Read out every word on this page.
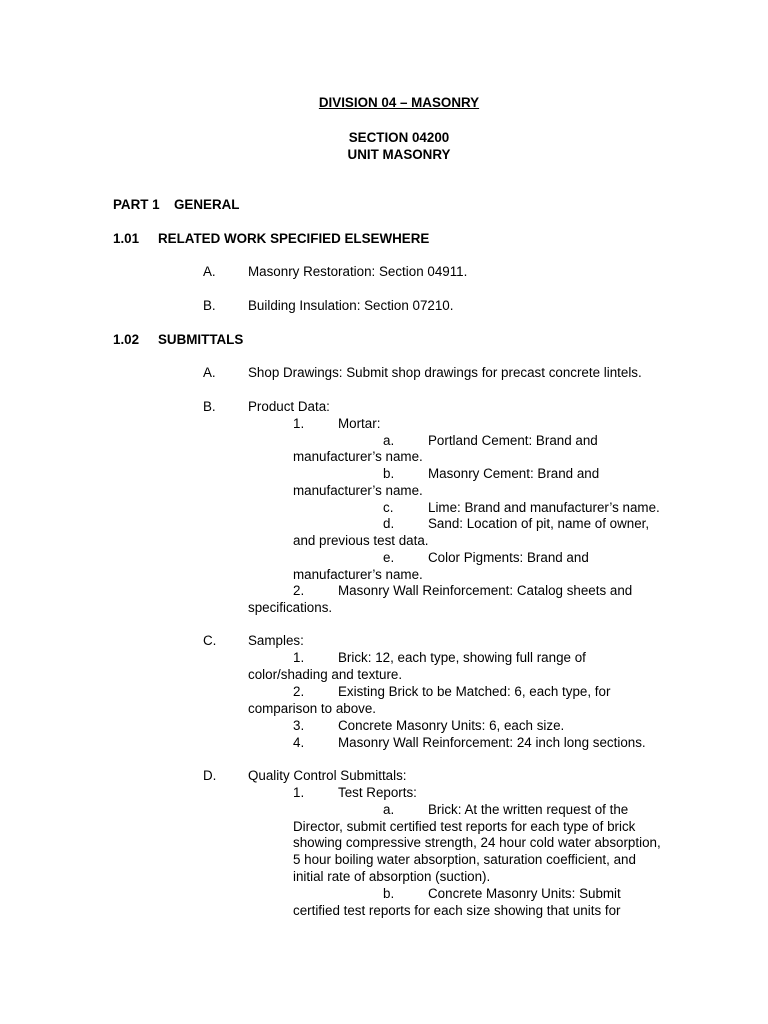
DIVISION 04 – MASONRY
SECTION 04200
UNIT MASONRY
PART 1 GENERAL
1.01 RELATED WORK SPECIFIED ELSEWHERE
A. Masonry Restoration: Section 04911.
B. Building Insulation: Section 07210.
1.02 SUBMITTALS
A. Shop Drawings: Submit shop drawings for precast concrete lintels.
B. Product Data:
1.	Mortar:
a.	Portland Cement: Brand and
manufacturer’s name.
b.	Masonry Cement: Brand and
manufacturer’s name.
c.	Lime: Brand and manufacturer’s name.
d.	Sand: Location of pit, name of owner,
and previous test data.
e.	Color Pigments: Brand and
manufacturer’s name.
2.	Masonry Wall Reinforcement: Catalog sheets and
specifications.
C. Samples:
1.	Brick: 12, each type, showing full range of
color/shading and texture.
2.	Existing Brick to be Matched: 6, each type, for
comparison to above.
3.	Concrete Masonry Units: 6, each size.
4.	Masonry Wall Reinforcement: 24 inch long sections.
D. Quality Control Submittals:
1.	Test Reports:
a.	Brick: At the written request of the
Director, submit certified test reports for each type of brick
showing compressive strength, 24 hour cold water absorption,
5 hour boiling water absorption, saturation coefficient, and
initial rate of absorption (suction).
b.	Concrete Masonry Units: Submit
certified test reports for each size showing that units for
